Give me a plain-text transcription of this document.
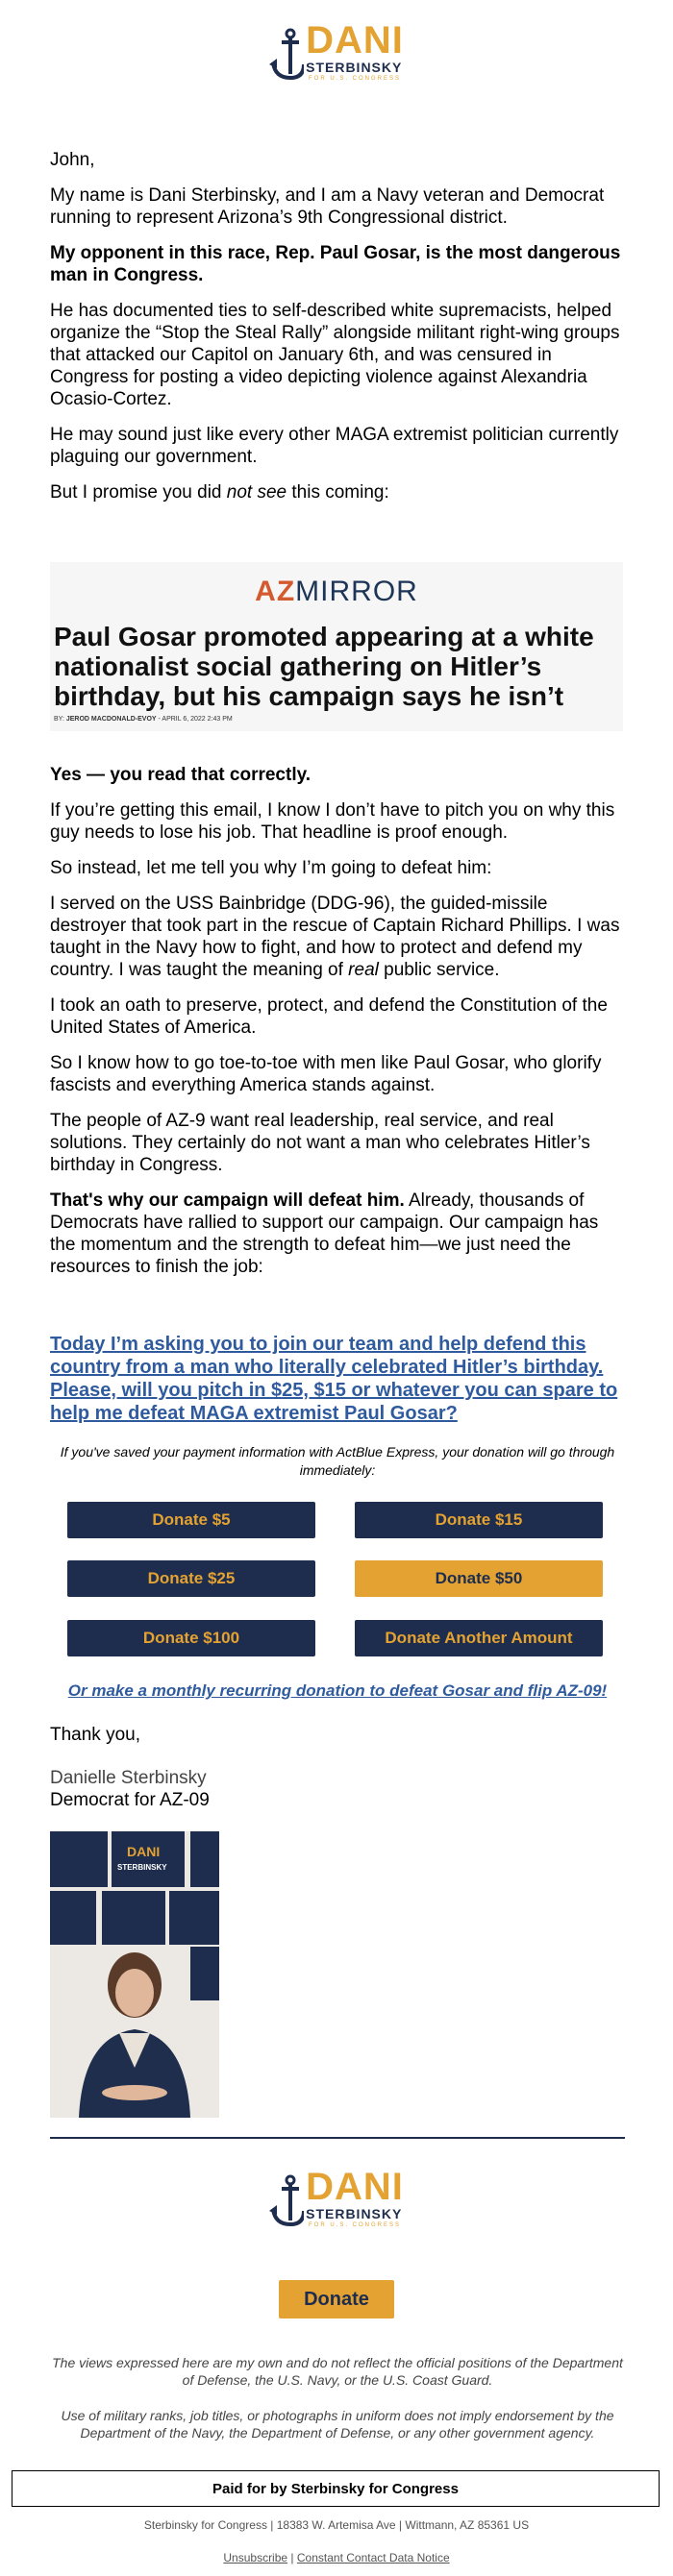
DANI
STERBINSKY
FOR U.S. CONGRESS

John,

My name is Dani Sterbinsky, and I am a Navy veteran and Democrat running to represent Arizona’s 9th Congressional district.

My opponent in this race, Rep. Paul Gosar, is the most dangerous man in Congress.

He has documented ties to self-described white supremacists, helped organize the “Stop the Steal Rally” alongside militant right-wing groups that attacked our Capitol on January 6th, and was censured in Congress for posting a video depicting violence against Alexandria Ocasio-Cortez.

He may sound just like every other MAGA extremist politician currently plaguing our government.

But I promise you did not see this coming:

AZMIRROR
Paul Gosar promoted appearing at a white nationalist social gathering on Hitler’s birthday, but his campaign says he isn’t
BY: JEROD MACDONALD-EVOY - APRIL 6, 2022 2:43 PM

Yes — you read that correctly.

If you’re getting this email, I know I don’t have to pitch you on why this guy needs to lose his job. That headline is proof enough.

So instead, let me tell you why I’m going to defeat him:

I served on the USS Bainbridge (DDG-96), the guided-missile destroyer that took part in the rescue of Captain Richard Phillips. I was taught in the Navy how to fight, and how to protect and defend my country. I was taught the meaning of real public service.

I took an oath to preserve, protect, and defend the Constitution of the United States of America.

So I know how to go toe-to-toe with men like Paul Gosar, who glorify fascists and everything America stands against.

The people of AZ-9 want real leadership, real service, and real solutions. They certainly do not want a man who celebrates Hitler’s birthday in Congress.

That's why our campaign will defeat him. Already, thousands of Democrats have rallied to support our campaign. Our campaign has the momentum and the strength to defeat him—we just need the resources to finish the job:

Today I’m asking you to join our team and help defend this country from a man who literally celebrated Hitler’s birthday. Please, will you pitch in $25, $15 or whatever you can spare to help me defeat MAGA extremist Paul Gosar?
If you've saved your payment information with ActBlue Express, your donation will go through immediately:
Donate $5	Donate $15
Donate $25	Donate $50
Donate $100	Donate Another Amount
Or make a monthly recurring donation to defeat Gosar and flip AZ-09!
Thank you,
Danielle Sterbinsky
Democrat for AZ-09
DANI
STERBINSKY
DANI
STERBINSKY
FOR U.S. CONGRESS
Donate
The views expressed here are my own and do not reflect the official positions of the Department of Defense, the U.S. Navy, or the U.S. Coast Guard.
Use of military ranks, job titles, or photographs in uniform does not imply endorsement by the Department of the Navy, the Department of Defense, or any other government agency.
Paid for by Sterbinsky for Congress
Sterbinsky for Congress | 18383 W. Artemisa Ave | Wittmann, AZ 85361 US
Unsubscribe | Constant Contact Data Notice
